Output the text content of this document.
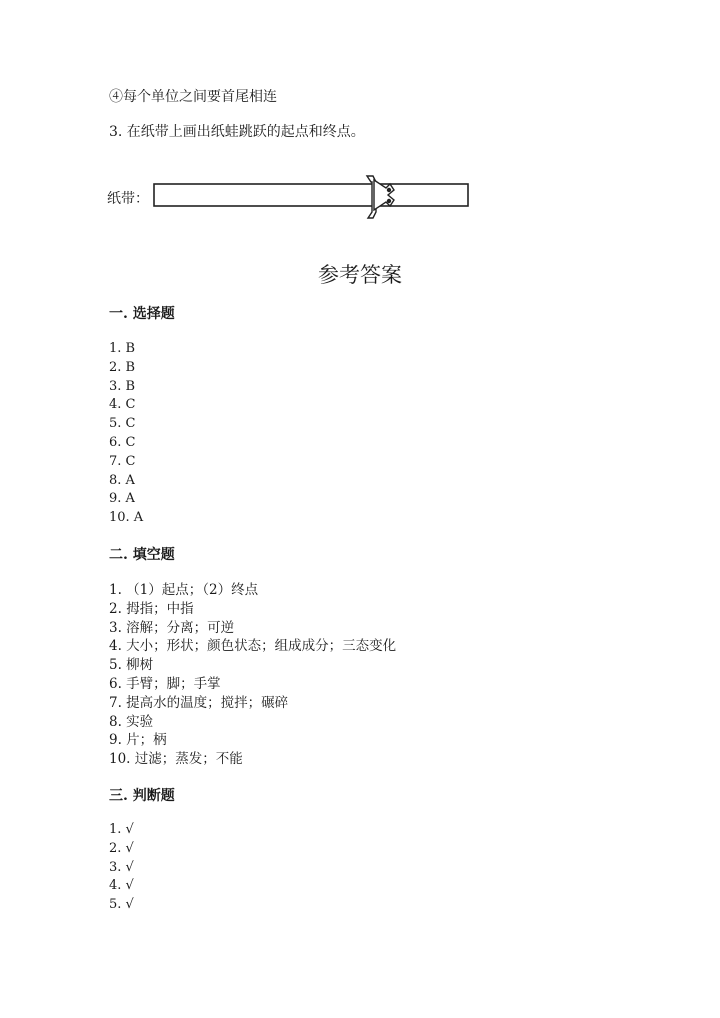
④每个单位之间要首尾相连
3. 在纸带上画出纸蛙跳跃的起点和终点。
纸带：
参考答案
一. 选择题
1. B
2. B
3. B
4. C
5. C
6. C
7. C
8. A
9. A
10. A
二. 填空题
1. （1）起点；（2）终点
2. 拇指；中指
3. 溶解；分离；可逆
4. 大小；形状；颜色状态；组成成分；三态变化
5. 柳树
6. 手臂；脚；手掌
7. 提高水的温度；搅拌；碾碎
8. 实验
9. 片；柄
10. 过滤；蒸发；不能
三. 判断题
1. √
2. √
3. √
4. √
5. √
